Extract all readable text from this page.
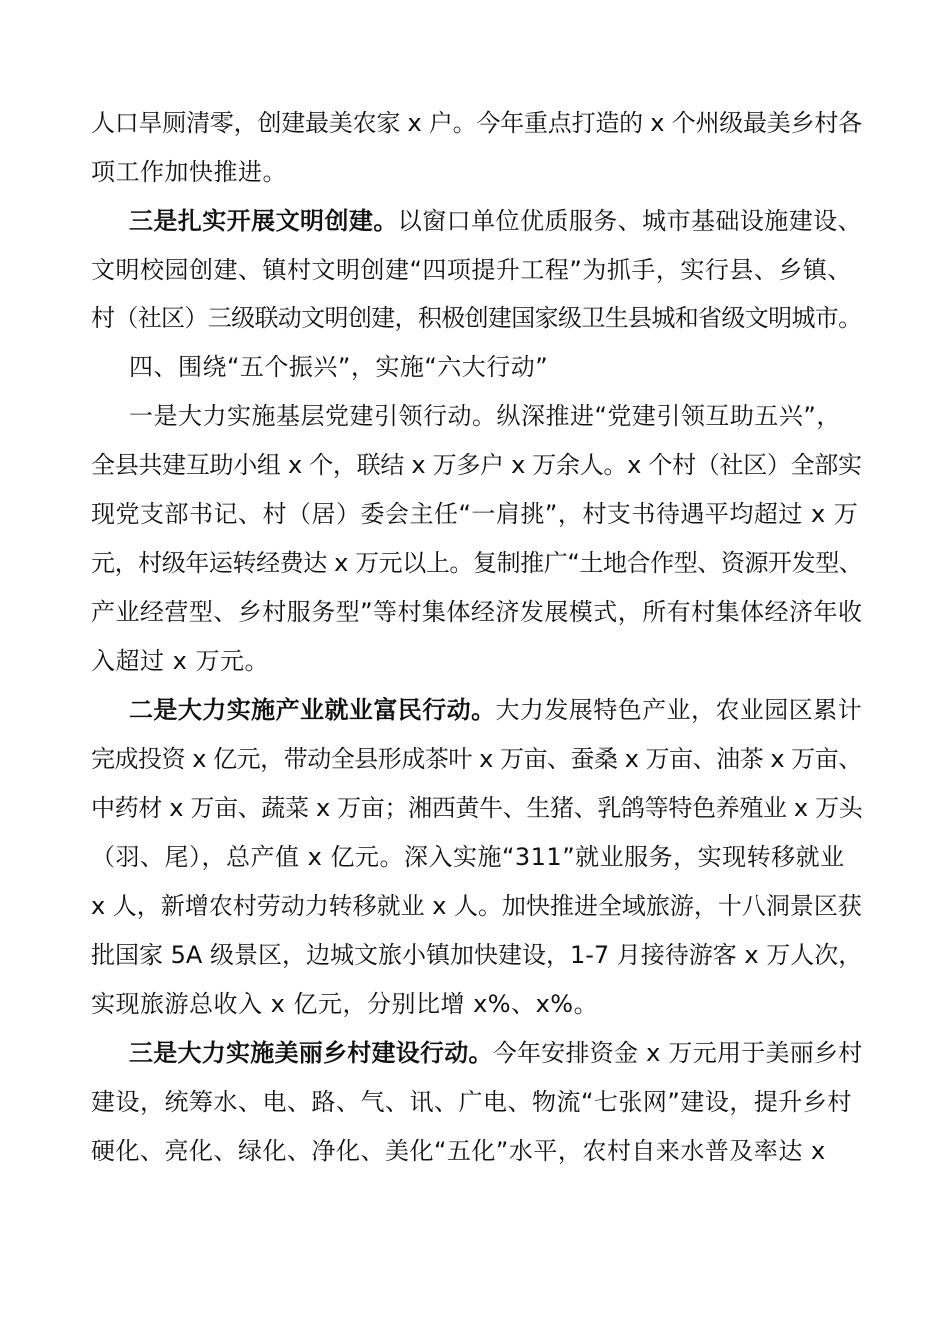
人口旱厕清零，创建最美农家 x 户。今年重点打造的 x 个州级最美乡村各
项工作加快推进。
三是扎实开展文明创建。以窗口单位优质服务、城市基础设施建设、
文明校园创建、镇村文明创建“四项提升工程”为抓手，实行县、乡镇、
村（社区）三级联动文明创建，积极创建国家级卫生县城和省级文明城市。
四、围绕“五个振兴”，实施“六大行动”
一是大力实施基层党建引领行动。纵深推进“党建引领互助五兴”，
全县共建互助小组 x 个，联结 x 万多户 x 万余人。x 个村（社区）全部实
现党支部书记、村（居）委会主任“一肩挑”，村支书待遇平均超过 x 万
元，村级年运转经费达 x 万元以上。复制推广“土地合作型、资源开发型、
产业经营型、乡村服务型”等村集体经济发展模式，所有村集体经济年收
入超过 x 万元。
二是大力实施产业就业富民行动。大力发展特色产业，农业园区累计
完成投资 x 亿元，带动全县形成茶叶 x 万亩、蚕桑 x 万亩、油茶 x 万亩、
中药材 x 万亩、蔬菜 x 万亩；湘西黄牛、生猪、乳鸽等特色养殖业 x 万头
（羽、尾），总产值 x 亿元。深入实施“311”就业服务，实现转移就业
x 人，新增农村劳动力转移就业 x 人。加快推进全域旅游，十八洞景区获
批国家 5A 级景区，边城文旅小镇加快建设，1-7 月接待游客 x 万人次，
实现旅游总收入 x 亿元，分别比增 x%、x%。
三是大力实施美丽乡村建设行动。今年安排资金 x 万元用于美丽乡村
建设，统筹水、电、路、气、讯、广电、物流“七张网”建设，提升乡村
硬化、亮化、绿化、净化、美化“五化”水平，农村自来水普及率达 x
